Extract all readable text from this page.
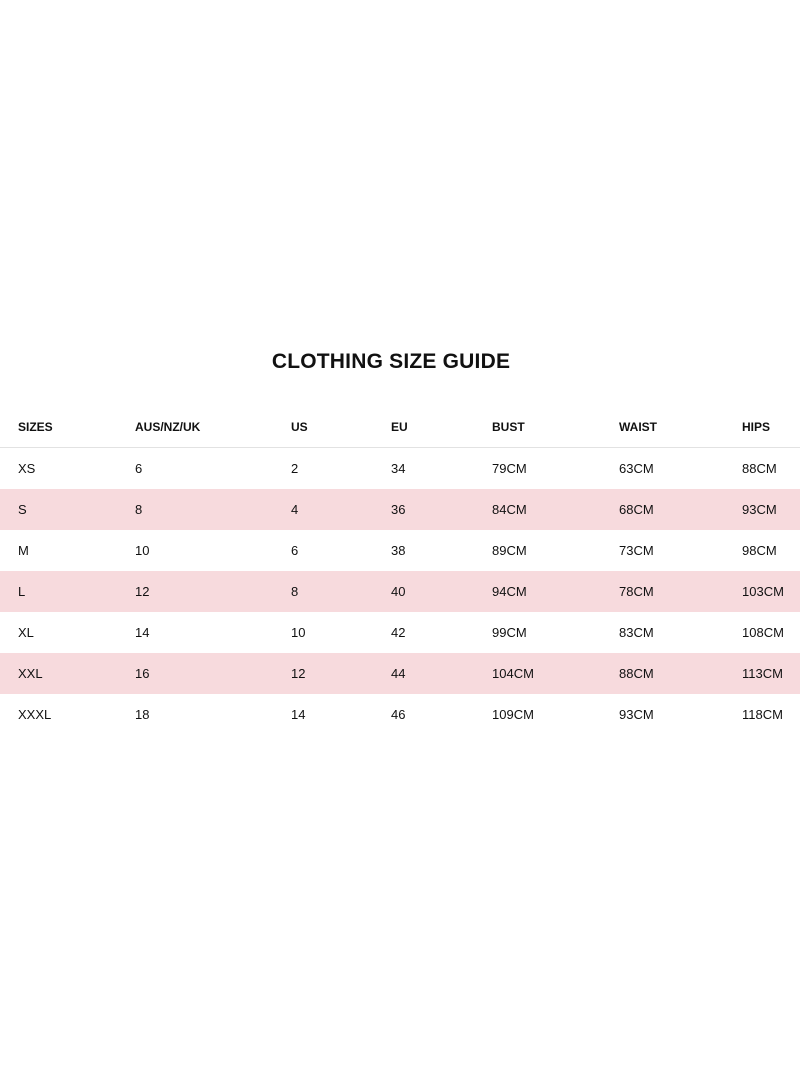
CLOTHING SIZE GUIDE
SIZES	AUS/NZ/UK	US	EU	BUST	WAIST	HIPS
XS	6	2	34	79CM	63CM	88CM
S	8	4	36	84CM	68CM	93CM
M	10	6	38	89CM	73CM	98CM
L	12	8	40	94CM	78CM	103CM
XL	14	10	42	99CM	83CM	108CM
XXL	16	12	44	104CM	88CM	113CM
XXXL	18	14	46	109CM	93CM	118CM
